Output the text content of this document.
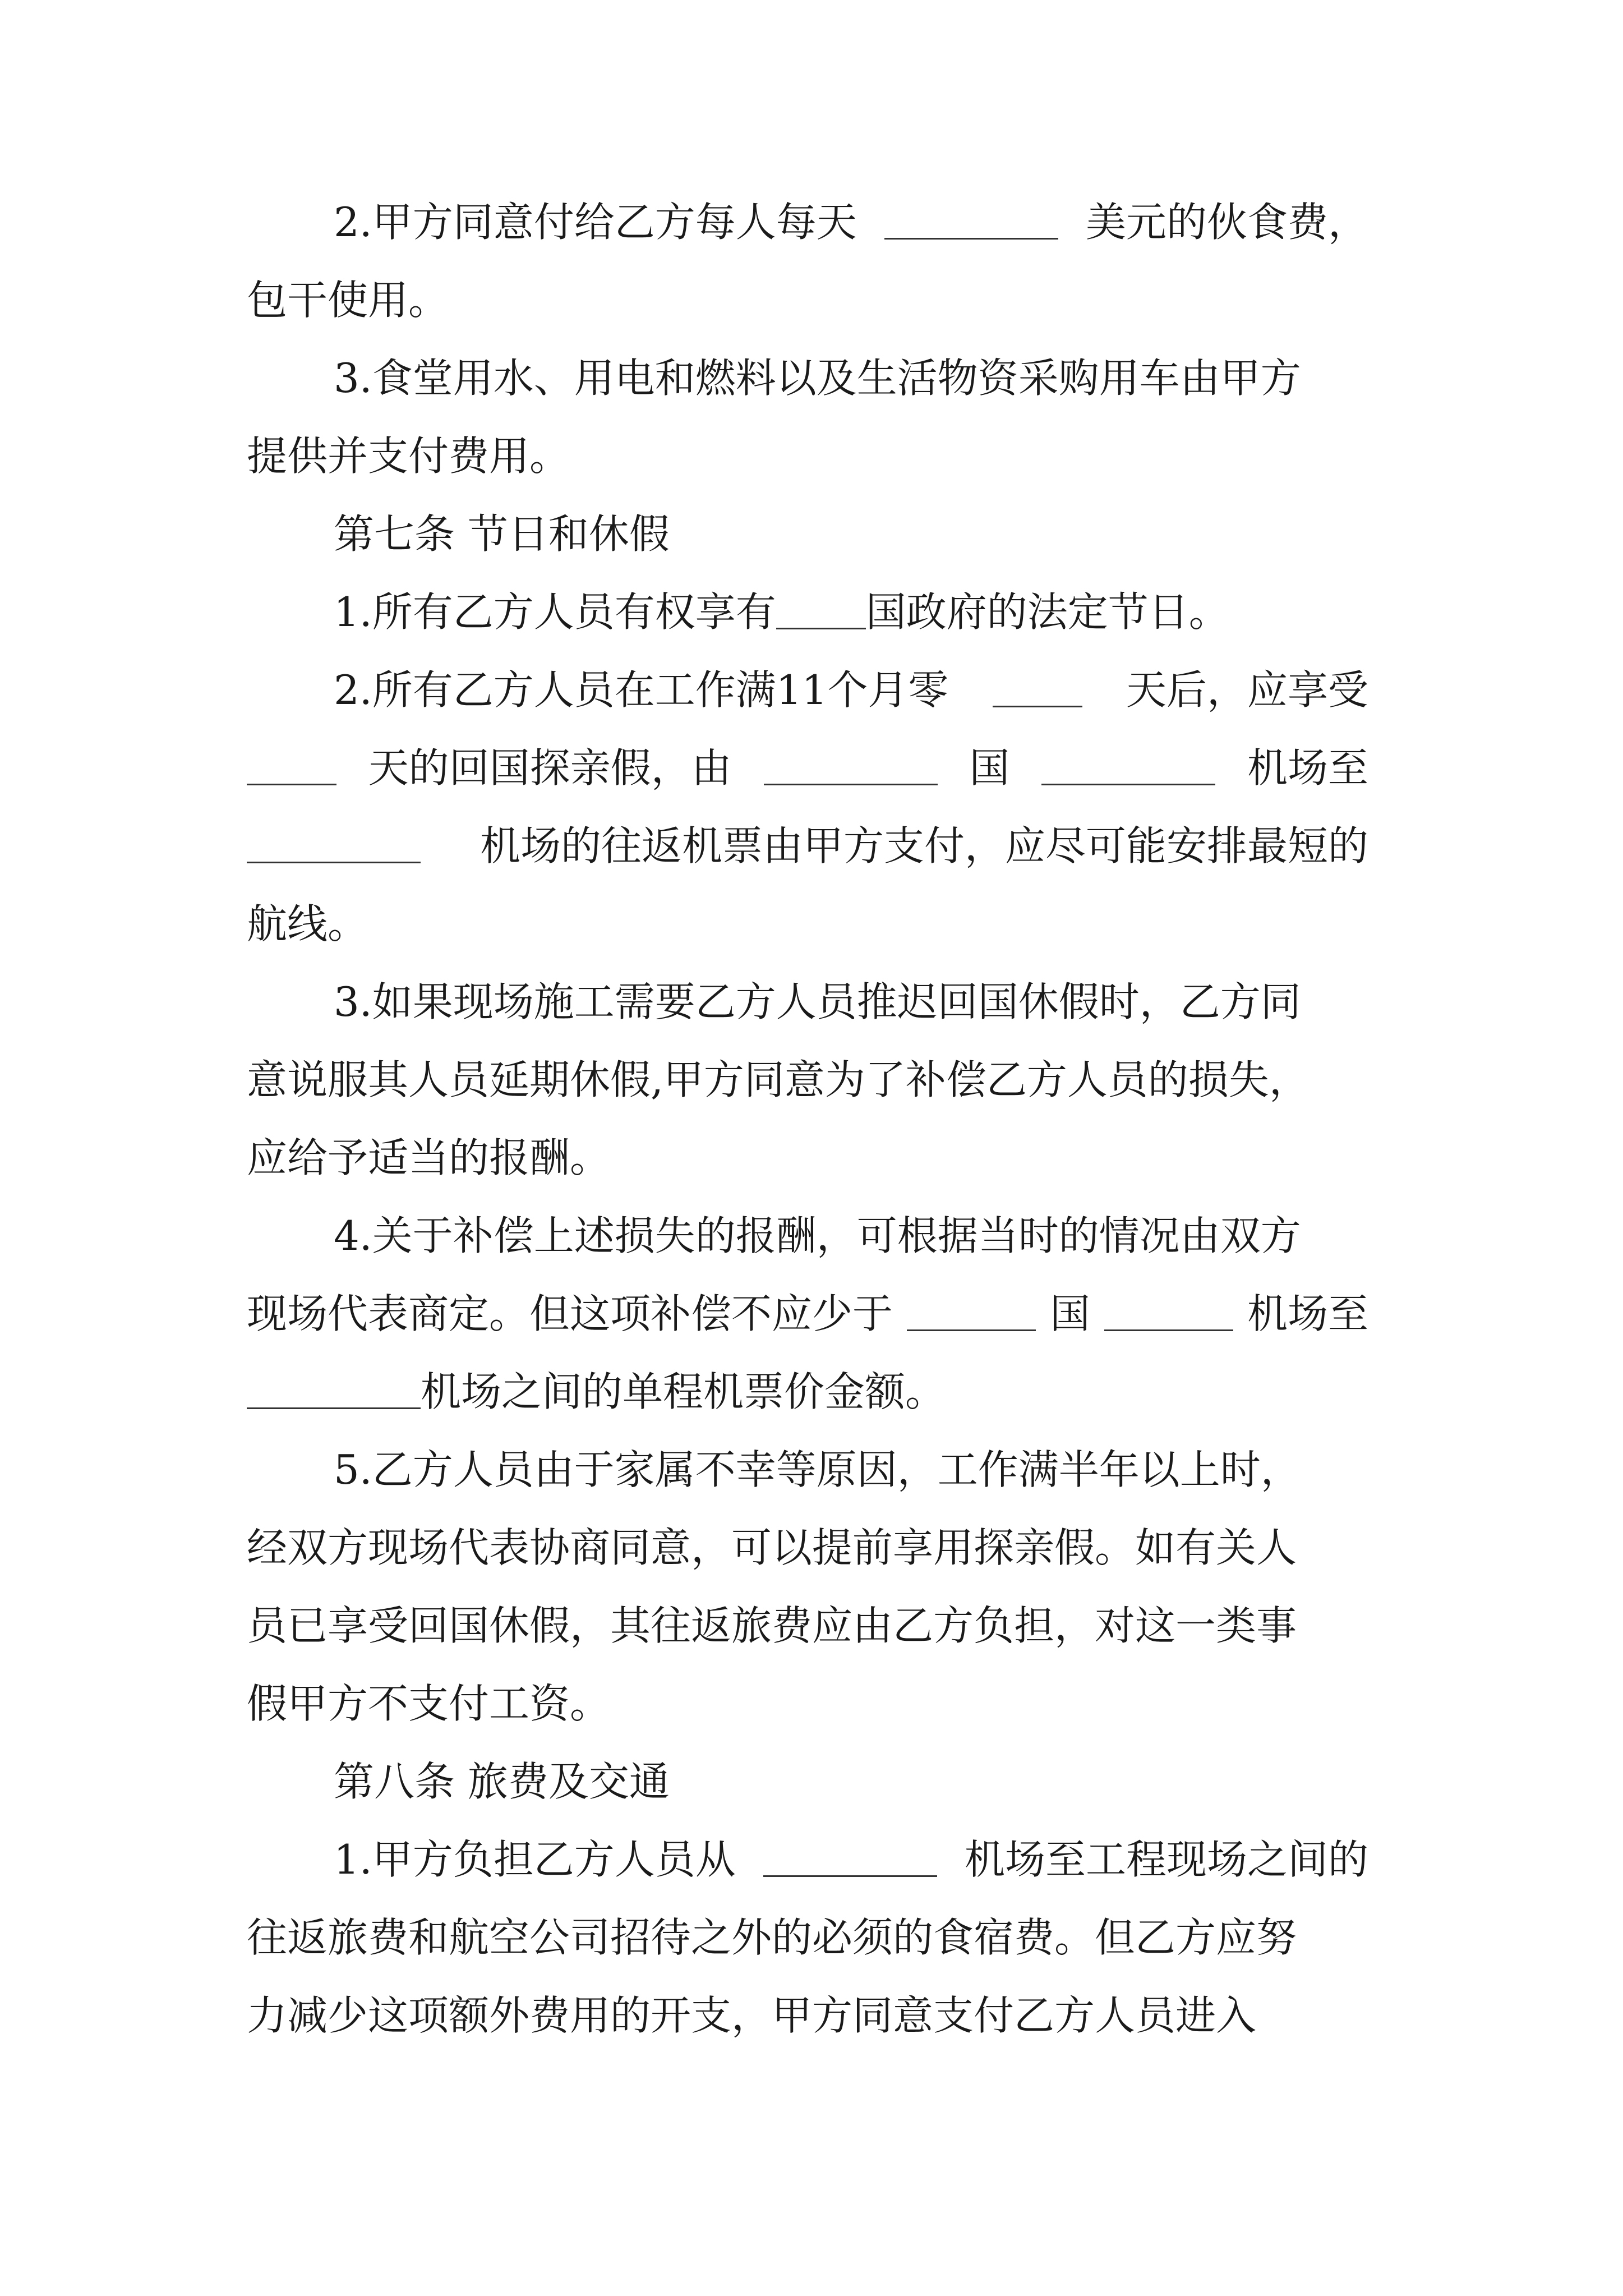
2.甲方同意付给乙方每人每天	美元的伙食费，
包干使用。
3.食堂用水、用电和燃料以及生活物资采购用车由甲方
提供并支付费用。
第七条 节日和休假
1.所有乙方人员有权享有 国政府的法定节日。
2.所有乙方人员在工作满11个月零	天后，应享受
天的回国探亲假，由	国	机场至
机场的往返机票由甲方支付，应尽可能安排最短的
航线。
3.如果现场施工需要乙方人员推迟回国休假时，乙方同
意说服其人员延期休假,甲方同意为了补偿乙方人员的损失，
应给予适当的报酬。
4.关于补偿上述损失的报酬，可根据当时的情况由双方
现场代表商定。但这项补偿不应少于	国	机场至
机场之间的单程机票价金额。
5.乙方人员由于家属不幸等原因，工作满半年以上时，
经双方现场代表协商同意，可以提前享用探亲假。如有关人
员已享受回国休假，其往返旅费应由乙方负担，对这一类事
假甲方不支付工资。
第八条 旅费及交通
1.甲方负担乙方人员从	机场至工程现场之间的
往返旅费和航空公司招待之外的必须的食宿费。但乙方应努
力减少这项额外费用的开支，甲方同意支付乙方人员进入
